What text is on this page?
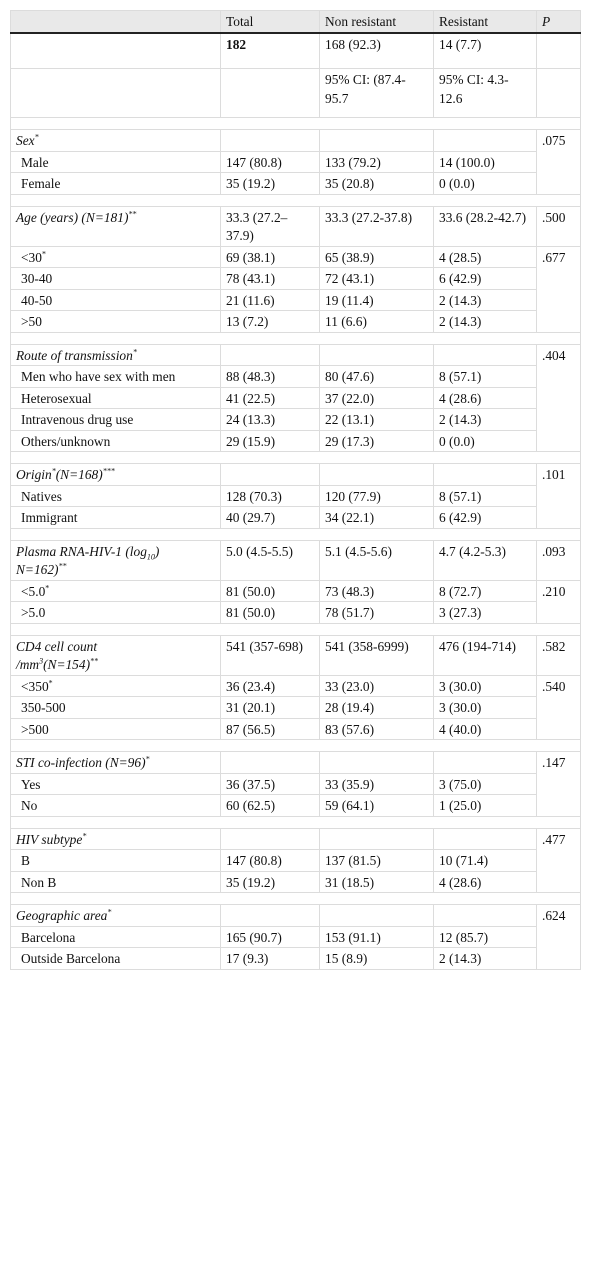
	Total	Non resistant	Resistant	P
	182	168 (92.3)	14 (7.7)	
		95% CI: (87.4-95.7	95% CI: 4.3-12.6	

Sex*				.075
Male	147 (80.8)	133 (79.2)	14 (100.0)	
Female	35 (19.2)	35 (20.8)	0 (0.0)	

Age (years) (N=181)**	33.3 (27.2–37.9)	33.3 (27.2-37.8)	33.6 (28.2-42.7)	.500
<30*	69 (38.1)	65 (38.9)	4 (28.5)	.677
30-40	78 (43.1)	72 (43.1)	6 (42.9)	
40-50	21 (11.6)	19 (11.4)	2 (14.3)	
>50	13 (7.2)	11 (6.6)	2 (14.3)	

Route of transmission*				.404
Men who have sex with men	88 (48.3)	80 (47.6)	8 (57.1)	
Heterosexual	41 (22.5)	37 (22.0)	4 (28.6)	
Intravenous drug use	24 (13.3)	22 (13.1)	2 (14.3)	
Others/unknown	29 (15.9)	29 (17.3)	0 (0.0)	

Origin*(N=168)***				.101
Natives	128 (70.3)	120 (77.9)	8 (57.1)	
Immigrant	40 (29.7)	34 (22.1)	6 (42.9)	

Plasma RNA-HIV-1 $(\log_{10})$
N=162)**	5.0 (4.5-5.5)	5.1 (4.5-5.6)	4.7 (4.2-5.3)	.093
<5.0*	81 (50.0)	73 (48.3)	8 (72.7)	.210
>5.0	81 (50.0)	78 (51.7)	3 (27.3)	

CD4 cell count
$/mm^3(N=154)^{**}$	541 (357-698)	541 (358-6999)	476 (194-714)	.582
<350*	36 (23.4)	33 (23.0)	3 (30.0)	.540
350-500	31 (20.1)	28 (19.4)	3 (30.0)	
>500	87 (56.5)	83 (57.6)	4 (40.0)	

STI co-infection (N=96)*				.147
Yes	36 (37.5)	33 (35.9)	3 (75.0)	
No	60 (62.5)	59 (64.1)	1 (25.0)	

HIV subtype*				.477
B	147 (80.8)	137 (81.5)	10 (71.4)	
Non B	35 (19.2)	31 (18.5)	4 (28.6)	

Geographic area*				.624
Barcelona	165 (90.7)	153 (91.1)	12 (85.7)	
Outside Barcelona	17 (9.3)	15 (8.9)	2 (14.3)	
